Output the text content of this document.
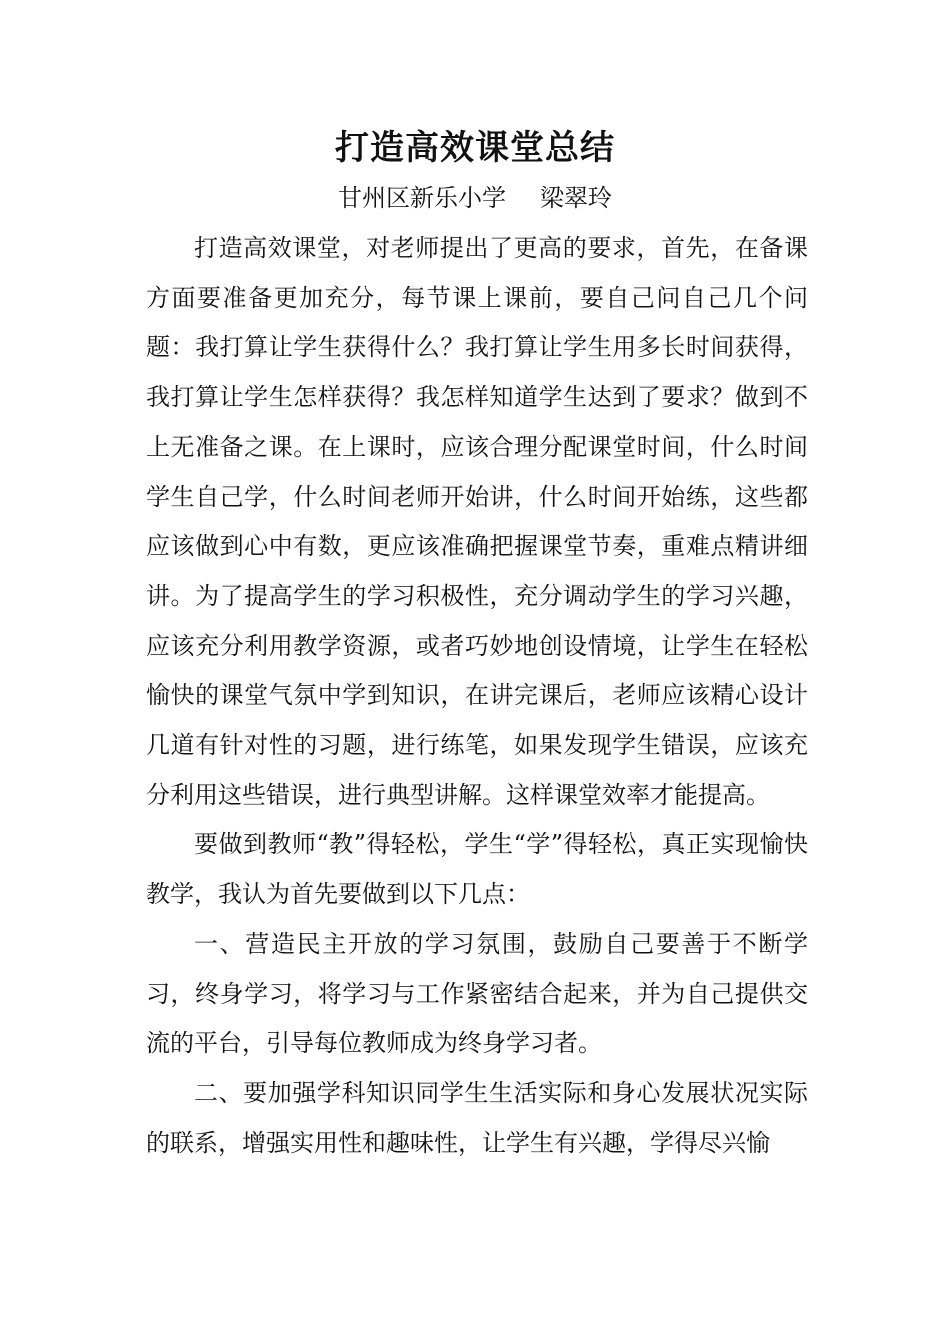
打造高效课堂总结
甘州区新乐小学 梁翠玲

打造高效课堂，对老师提出了更高的要求，首先，在备课方面要准备更加充分，每节课上课前，要自己问自己几个问题：我打算让学生获得什么？我打算让学生用多长时间获得，我打算让学生怎样获得？我怎样知道学生达到了要求？做到不上无准备之课。在上课时，应该合理分配课堂时间，什么时间学生自己学，什么时间老师开始讲，什么时间开始练，这些都应该做到心中有数，更应该准确把握课堂节奏，重难点精讲细讲。为了提高学生的学习积极性，充分调动学生的学习兴趣，应该充分利用教学资源，或者巧妙地创设情境，让学生在轻松愉快的课堂气氛中学到知识，在讲完课后，老师应该精心设计几道有针对性的习题，进行练笔，如果发现学生错误，应该充分利用这些错误，进行典型讲解。这样课堂效率才能提高。

要做到教师“教”得轻松，学生“学”得轻松，真正实现愉快教学，我认为首先要做到以下几点：

一、营造民主开放的学习氛围，鼓励自己要善于不断学习，终身学习，将学习与工作紧密结合起来，并为自己提供交流的平台，引导每位教师成为终身学习者。

二、要加强学科知识同学生生活实际和身心发展状况实际的联系，增强实用性和趣味性，让学生有兴趣，学得尽兴愉
